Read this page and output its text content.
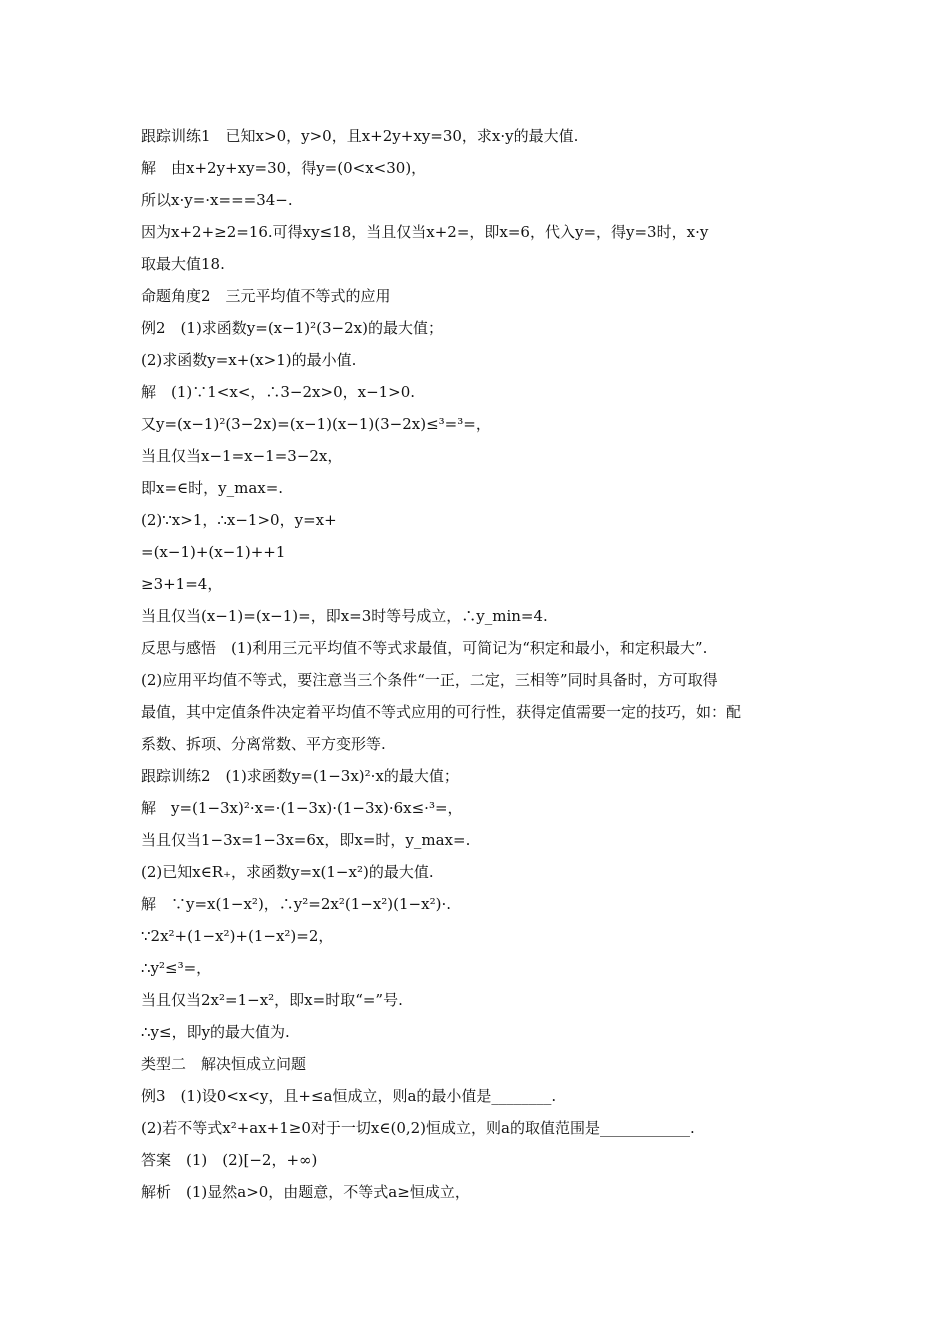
跟踪训练1　已知x>0，y>0，且x+2y+xy=30，求x·y的最大值.
解　由x+2y+xy=30，得y=(0<x<30)，
所以x·y=·x===34−.
因为x+2+≥2=16.可得xy≤18，当且仅当x+2=，即x=6，代入y=，得y=3时，x·y
取最大值18.
命题角度2　三元平均值不等式的应用
例2　(1)求函数y=(x−1)²(3−2x)的最大值；
(2)求函数y=x+(x>1)的最小值.
解　(1)∵1<x<，∴3−2x>0，x−1>0.
又y=(x−1)²(3−2x)=(x−1)(x−1)(3−2x)≤³=³=，
当且仅当x−1=x−1=3−2x，
即x=∈时，y_max=.
(2)∵x>1，∴x−1>0，y=x+
=(x−1)+(x−1)++1
≥3+1=4，
当且仅当(x−1)=(x−1)=，即x=3时等号成立，∴y_min=4.
反思与感悟　(1)利用三元平均值不等式求最值，可简记为“积定和最小，和定积最大”.
(2)应用平均值不等式，要注意当三个条件“一正，二定，三相等”同时具备时，方可取得
最值，其中定值条件决定着平均值不等式应用的可行性，获得定值需要一定的技巧，如：配
系数、拆项、分离常数、平方变形等.
跟踪训练2　(1)求函数y=(1−3x)²·x的最大值；
解　y=(1−3x)²·x=·(1−3x)·(1−3x)·6x≤·³=，
当且仅当1−3x=1−3x=6x，即x=时，y_max=.
(2)已知x∈R₊，求函数y=x(1−x²)的最大值.
解　∵y=x(1−x²)，∴y²=2x²(1−x²)(1−x²)·.
∵2x²+(1−x²)+(1−x²)=2，
∴y²≤³=，
当且仅当2x²=1−x²，即x=时取“=”号.
∴y≤，即y的最大值为.
类型二　解决恒成立问题
例3　(1)设0<x<y，且+≤a恒成立，则a的最小值是________.
(2)若不等式x²+ax+1≥0对于一切x∈(0,2)恒成立，则a的取值范围是____________.
答案　(1)　(2)[−2，+∞)
解析　(1)显然a>0，由题意，不等式a≥恒成立，
